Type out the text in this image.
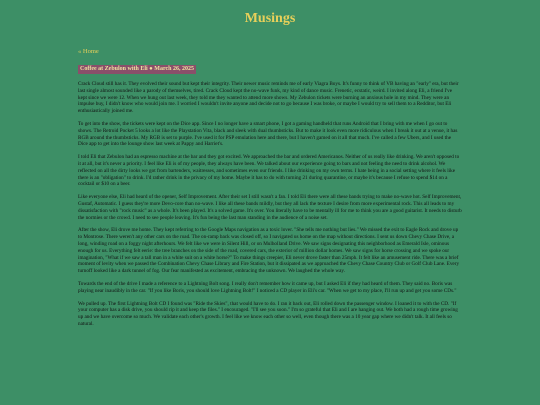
Musings
« Home
Coffee at Zebulon with Eli ● March 26, 2025

Crack Cloud still has it. They evolved their sound but kept their integrity. Their newer music reminds me of early Viagra Boys. It's funny to think of VB having an "early" era, but their last single almost sounded like a parody of themselves, tired. Crack Cloud kept the no-wave funk, my kind of dance music. Frenetic, ecstatic, weird. I invited along Eli, a friend I've kept since we were 12. When we hung out last week, they told me they wanted to attend more shows. My Zebulon tickets were burning an anxious hole in my mind. They were an impulse buy, I didn't know who would join me. I worried I wouldn't invite anyone and decide not to go because I was broke, or maybe I would try to sell them to a Redditor, but Eli enthusiastically joined me.

To get into the show, the tickets were kept on the Dice app. Since I no longer have a smart phone, I got a gaming handheld that runs Android that I bring with me when I go out to shows. The Retroid Pocket 5 looks a lot like the Playstation Vita, black and sleek with dual thumbsticks. But to make it look even more ridiculous when I break it out at a venue, it has RGB around the thumbsticks. My RGB is set to purple. I've used it for PSP emulation here and there, but I haven't gamed on it all that much. I've called a few Ubers, and I used the Dice app to get into the lounge show last week at Pappy and Harriet's.

I told Eli that Zebulon had an espresso machine at the bar and they got excited. We approached the bar and ordered Americanos. Neither of us really like drinking. We aren't opposed to it at all, but it's never a priority. I feel like Eli is of my people, they always have been. We talked about our experience going to bars and not feeling the need to drink alcohol. We reflected on all the dirty looks we got from bartenders, waitresses, and sometimes even our friends. I like drinking on my own terms. I hate being in a social setting where it feels like there is an "obligation" to drink. I'd rather drink in the privacy of my home. Maybe it has to do with turning 21 during quarantine, or maybe it's because I refuse to spend $14 on a cocktail or $10 on a beer.

Like everyone else, Eli had heard of the opener, Self Improvement. After their set I still wasn't a fan. I told Eli there were all these bands trying to make no-wave hot. Self Improvement, Gustaf, Automatic. I guess they're more Devo-core than no-wave. I like all these bands mildly, but they all lack the texture I desire from more experimental rock. This all leads to my dissatisfaction with "rock music" as a whole. It's been played. It's a solved game. It's over. You literally have to be mentally ill for me to think you are a good guitarist. It needs to disturb the normies or the crowd. I need to see people leaving. It's fun being the last man standing in the audience of a noise set.

After the show, Eli drove me home. They kept referring to the Google Maps navigation as a toxic lover. "She tells me nothing but lies." We missed the exit to Eagle Rock and drove up to Montrose. There weren't any other cars on the road. The on-ramp back was closed off, so I navigated us home on the map without directions. I sent us down Chevy Chase Drive, a long, winding road on a foggy night afterhours. We felt like we were in Silent Hill, or on Mulholland Drive. We saw signs designating this neighborhood as Emerald Isle, ominous enough for us. Everything felt eerie: the tree branches on the side of the road, covered cars, the exterior of million dollar homes. We saw signs for horse crossing and we spoke our imagination, "What if we saw a tall man in a white suit on a white horse?" To make things creepier, Eli never drove faster than 25mph. It felt like an amusement ride. There was a brief moment of levity when we passed the Combination Chevy Chase Library and Fire Station, but it dissipated as we approached the Chevy Chase Country Club or Golf Club Lane. Every turnoff looked like a dark tunnel of fog. Our fear manifested as excitement, embracing the unknown. We laughed the whole way.

Towards the end of the drive I made a reference to a Lightning Bolt song. I really don't remember how it came up, but I asked Eli if they had heard of them. They said no. Boris was playing near inaudibly in the car. "If you like Boris, you should love Lightning Bolt!" I noticed a CD player in Eli's car. "When we get to my place, I'll run up and get you some CDs."

We pulled up. The first Lightning Bolt CD I found was "Ride the Skies", that would have to do. I ran it back out, Eli rolled down the passenger window. I loaned it to with the CD. "If your computer has a disk drive, you should rip it and keep the files." I encouraged. "I'll see you soon." I'm so grateful that Eli and I are hanging out. We both had a rough time growing up and we have overcome so much. We validate each other's growth. I feel like we know each other so well, even though there was a 10 year gap where we didn't talk. It all feels so natural.
